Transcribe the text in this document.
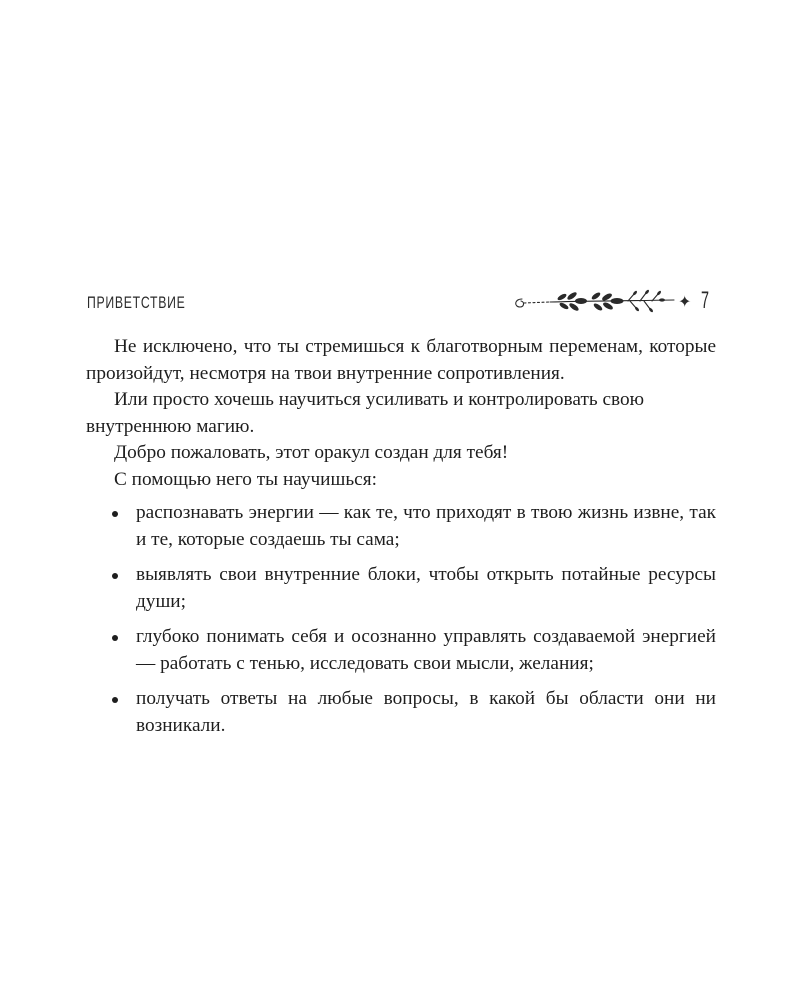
ПРИВЕТСТВИЕ	✦ 7

Не исключено, что ты стремишься к благотворным переменам, которые произойдут, несмотря на твои внутренние сопротивления.

Или просто хочешь научиться усиливать и контролировать свою внутреннюю магию.

Добро пожаловать, этот оракул создан для тебя!

С помощью него ты научишься:

распознавать энергии — как те, что приходят в твою жизнь извне, так и те, которые создаешь ты сама;
выявлять свои внутренние блоки, чтобы открыть потайные ресурсы души;
глубоко понимать себя и осознанно управлять создаваемой энергией — работать с тенью, исследовать свои мысли, желания;
получать ответы на любые вопросы, в какой бы области они ни возникали.
